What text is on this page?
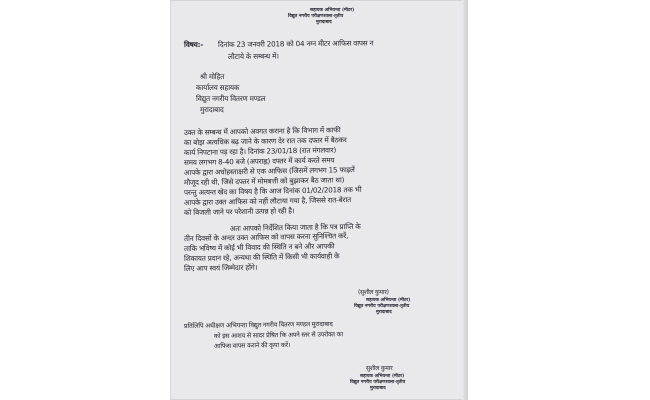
सहायक अभियन्ता (मीटर)
विद्युत नगरीय परीक्षणशाला-तृतीय
मुरादाबाद
विषय:- दिनांक 23 जनवरी 2018 को 04 नग्न मीटर आफिस वापस न
लौटाये के सम्बन्ध में।
श्री मोहित
कार्यालय सहायक
विद्युत नगरीय वितरण मण्डल
मुरादाबाद
उक्त के सम्बन्ध में आपको अवगत कराना है कि विभाग में काफी
का बोझ अत्यधिक बढ़ जाने के कारण देर रात तक दफ्तर में बैठकर
कार्य निपटाना पड़ रहा है। दिनांक 23/01/18 (रात मंगलवार)
समय लगभग 8-40 बजे (अपराह्न) दफ्तर में कार्य करते समय
आपके द्वारा अधोहस्ताक्षरी से एक आफिस (जिसमें लगभग 15 फाइलें
मौजूद रही थी, जिसे दफ्तर में मोमबत्ती को बुझाकर बैठ जाता था)
परन्तु अत्यन्त खेद का विषय है कि आज दिनांक 01/02/2018 तक भी
आपके द्वारा उक्त आफिस को नहीं लौटाया गया है, जिससे रात-बेरात
को बिजली जाने पर परेशानी उत्पन्न हो रही है।
अतः आपको निर्देशित किया जाता है कि पत्र प्राप्ति के
तीन दिवसों के अन्दर उक्त आफिस को वापस करना सुनिश्चित करें,
ताकि भविष्य में कोई भी विवाद की स्थिति न बने और आपकी
शिकायत प्रदान रहे, अन्यथा की स्थिति में किसी भी कार्यवाही के
लिए आप स्वयं जिम्मेदार होंगे।
(सुशील कुमार)
सहायक अभियन्ता (मीटर)
विद्युत नगरीय परीक्षणशाला-तृतीय
मुरादाबाद
प्रतिलिपि अधीक्षण अभियन्ता विद्युत नगरीय वितरण मण्डल मुरादाबाद
को इस आशय से सादर प्रेषित कि अपने स्तर से उपरोक्त का
आफिस वापस कराने की कृपा करें।
सुशील कुमार
सहायक अभियन्ता (मीटर)
विद्युत नगरीय परीक्षणशाला-तृतीय
मुरादाबाद
